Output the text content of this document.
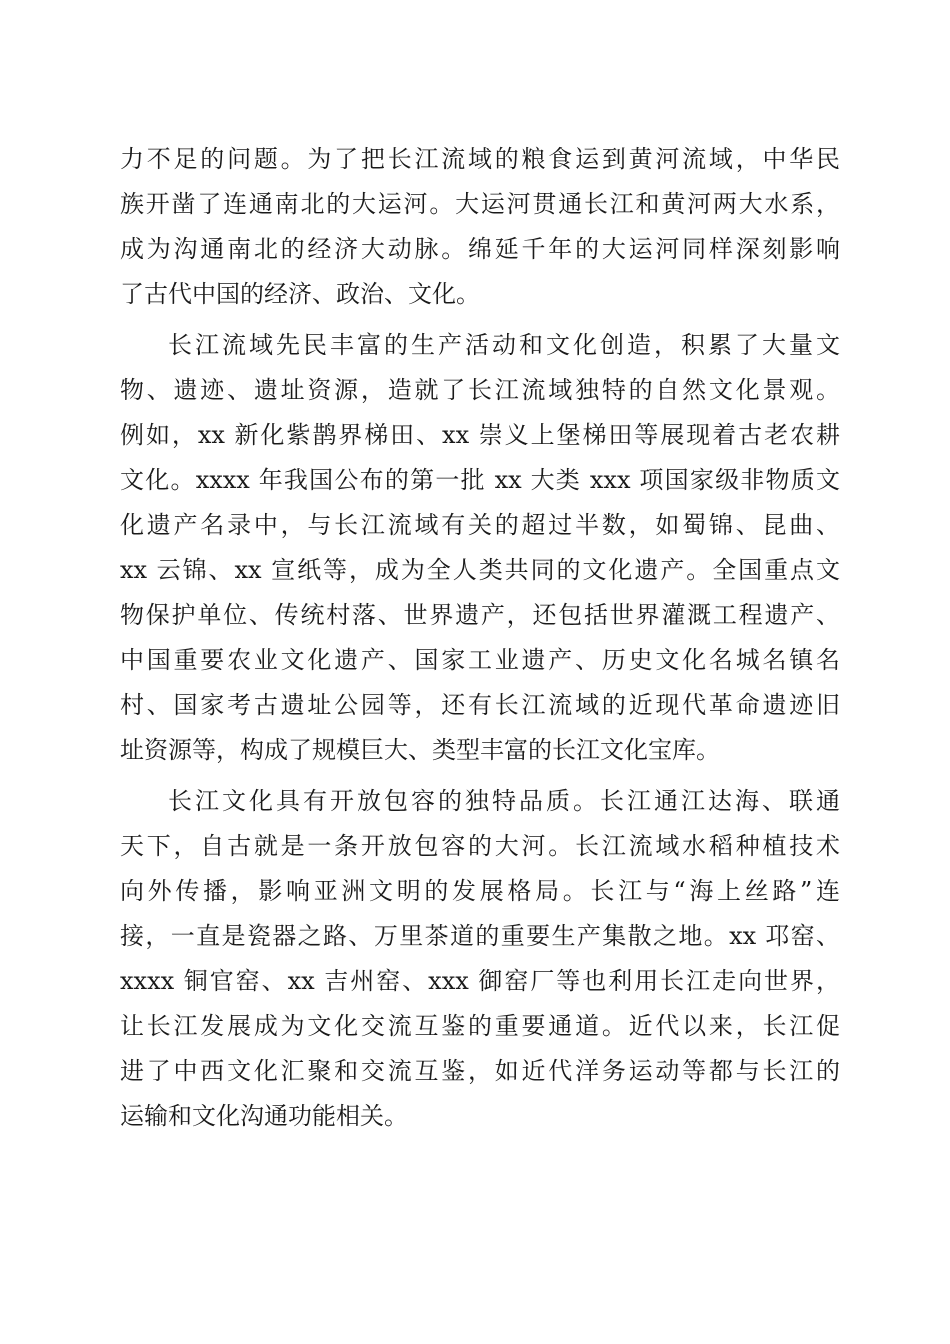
力不足的问题。为了把长江流域的粮食运到黄河流域，中华民
族开凿了连通南北的大运河。大运河贯通长江和黄河两大水系，
成为沟通南北的经济大动脉。绵延千年的大运河同样深刻影响
了古代中国的经济、政治、文化。
长江流域先民丰富的生产活动和文化创造，积累了大量文
物、遗迹、遗址资源，造就了长江流域独特的自然文化景观。
例如，xx 新化紫鹊界梯田、xx 崇义上堡梯田等展现着古老农耕
文化。xxxx 年我国公布的第一批 xx 大类 xxx 项国家级非物质文
化遗产名录中，与长江流域有关的超过半数，如蜀锦、昆曲、
xx 云锦、xx 宣纸等，成为全人类共同的文化遗产。全国重点文
物保护单位、传统村落、世界遗产，还包括世界灌溉工程遗产、
中国重要农业文化遗产、国家工业遗产、历史文化名城名镇名
村、国家考古遗址公园等，还有长江流域的近现代革命遗迹旧
址资源等，构成了规模巨大、类型丰富的长江文化宝库。
长江文化具有开放包容的独特品质。长江通江达海、联通
天下，自古就是一条开放包容的大河。长江流域水稻种植技术
向外传播，影响亚洲文明的发展格局。长江与“海上丝路”连
接，一直是瓷器之路、万里茶道的重要生产集散之地。xx 邛窑、
xxxx 铜官窑、xx 吉州窑、xxx 御窑厂等也利用长江走向世界，
让长江发展成为文化交流互鉴的重要通道。近代以来，长江促
进了中西文化汇聚和交流互鉴，如近代洋务运动等都与长江的
运输和文化沟通功能相关。
